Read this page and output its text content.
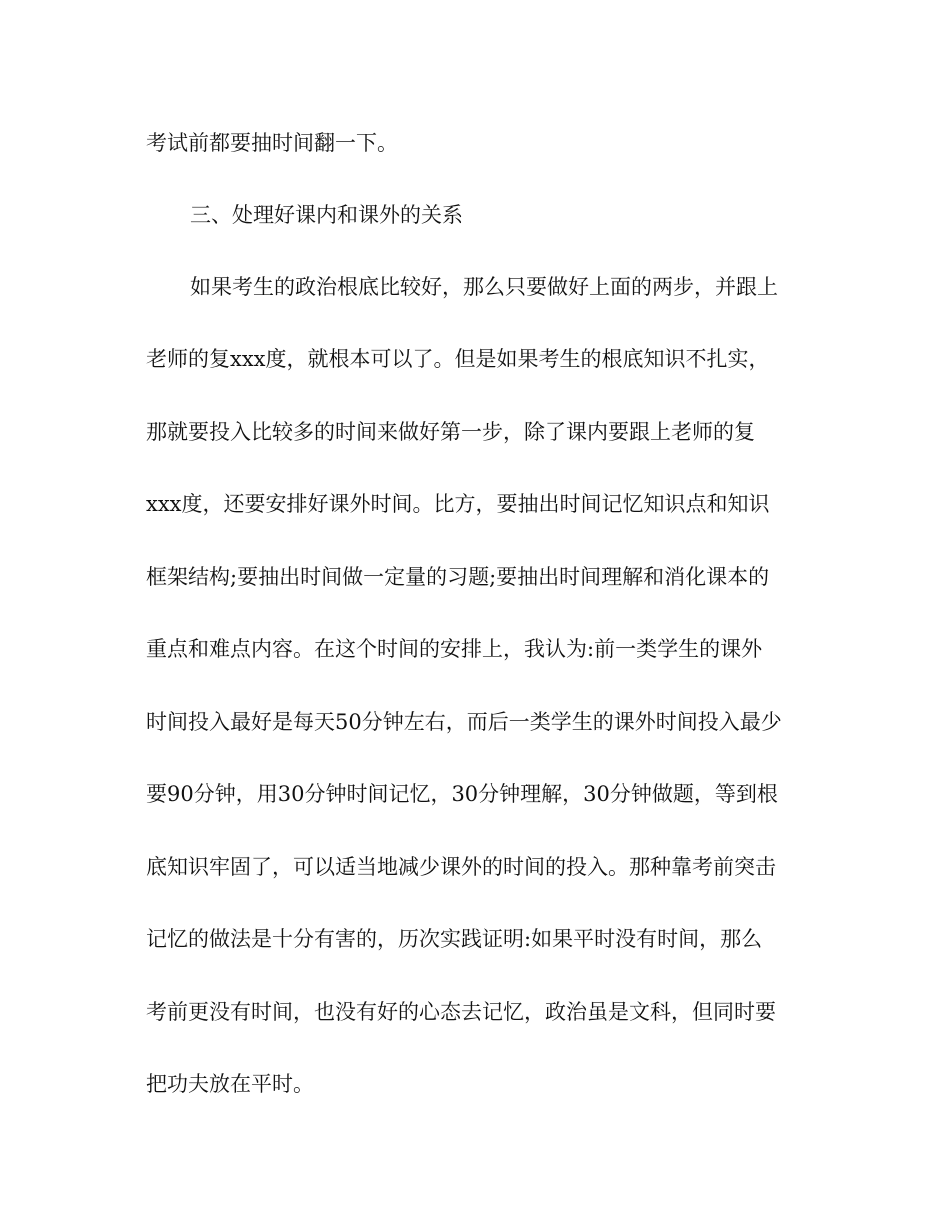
考试前都要抽时间翻一下。

三、处理好课内和课外的关系

如果考生的政治根底比较好，那么只要做好上面的两步，并跟上

老师的复xxx度，就根本可以了。但是如果考生的根底知识不扎实，

那就要投入比较多的时间来做好第一步，除了课内要跟上老师的复

xxx度，还要安排好课外时间。比方，要抽出时间记忆知识点和知识

框架结构;要抽出时间做一定量的习题;要抽出时间理解和消化课本的

重点和难点内容。在这个时间的安排上，我认为:前一类学生的课外

时间投入最好是每天50分钟左右，而后一类学生的课外时间投入最少

要90分钟，用30分钟时间记忆，30分钟理解，30分钟做题，等到根

底知识牢固了，可以适当地减少课外的时间的投入。那种靠考前突击

记忆的做法是十分有害的，历次实践证明:如果平时没有时间，那么

考前更没有时间，也没有好的心态去记忆，政治虽是文科，但同时要

把功夫放在平时。
